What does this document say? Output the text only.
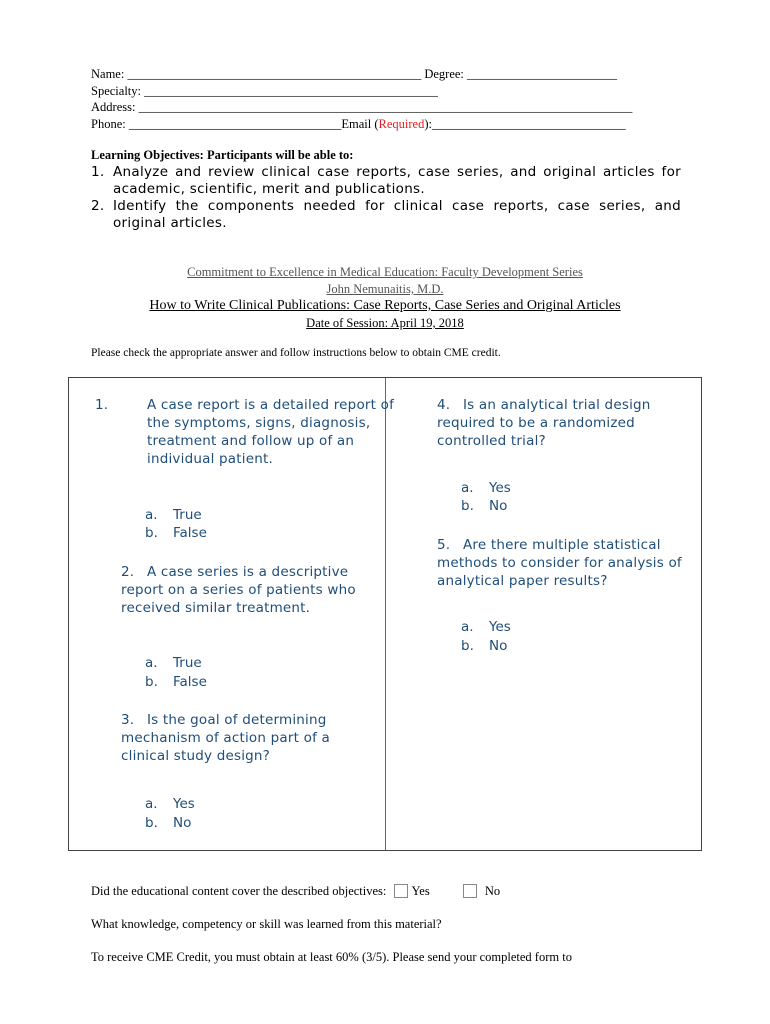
Name: _______________________________________________ Degree: ________________________
Specialty: _______________________________________________
Address: _______________________________________________________________________________
Phone: __________________________________Email (Required):_______________________________
Learning Objectives: Participants will be able to:
1. Analyze and review clinical case reports, case series, and original articles for academic, scientific, merit and publications.
2. Identify the components needed for clinical case reports, case series, and original articles.
Commitment to Excellence in Medical Education: Faculty Development Series
John Nemunaitis, M.D.
How to Write Clinical Publications: Case Reports, Case Series and Original Articles
Date of Session: April 19, 2018
Please check the appropriate answer and follow instructions below to obtain CME credit.
1.	A case report is a detailed report of the symptoms, signs, diagnosis, treatment and follow up of an individual patient.
a. True
b. False
2. A case series is a descriptive report on a series of patients who received similar treatment.
a. True
b. False
3. Is the goal of determining mechanism of action part of a clinical study design?
a. Yes
b. No
4. Is an analytical trial design required to be a randomized controlled trial?
a. Yes
b. No
5. Are there multiple statistical methods to consider for analysis of analytical paper results?
a. Yes
b. No
Did the educational content cover the described objectives: Yes	No
What knowledge, competency or skill was learned from this material?
To receive CME Credit, you must obtain at least 60% (3/5). Please send your completed form to
